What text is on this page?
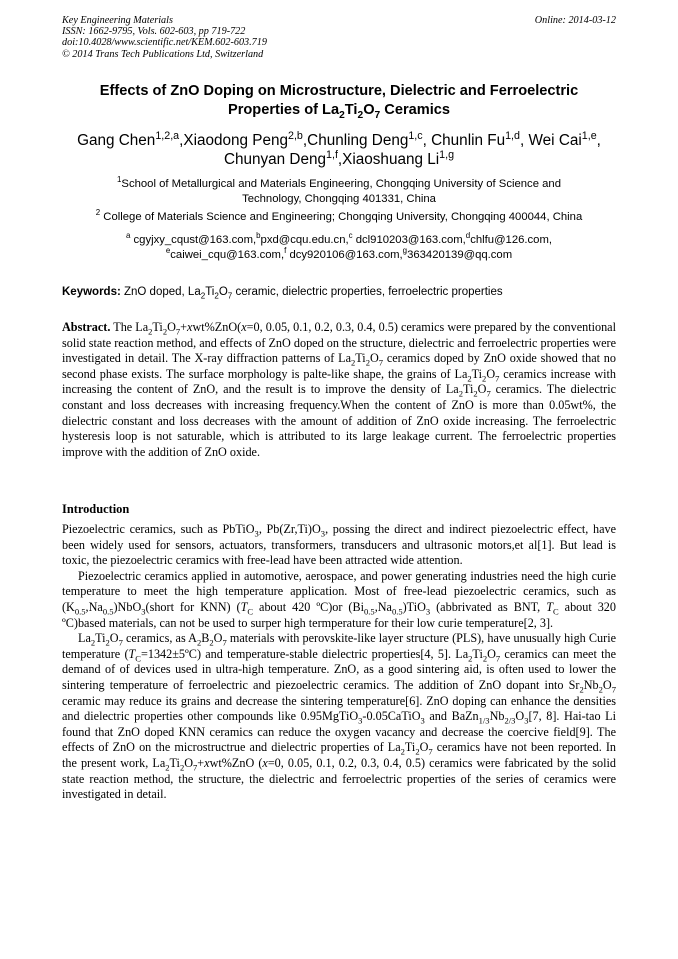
Key Engineering Materials
ISSN: 1662-9795, Vols. 602-603, pp 719-722
doi:10.4028/www.scientific.net/KEM.602-603.719
© 2014 Trans Tech Publications Ltd, Switzerland
Online: 2014-03-12
Effects of ZnO Doping on Microstructure, Dielectric and Ferroelectric
Properties of $La_2Ti_2O_7$ Ceramics
Gang Chen$^{1,2,a}$,Xiaodong Peng$^{2,b}$,Chunling Deng$^{1,c}$, Chunlin Fu$^{1,d}$, Wei Cai$^{1,e}$,
Chunyan Deng$^{1,f}$,Xiaoshuang Li$^{1,g}$
$^1$School of Metallurgical and Materials Engineering, Chongqing University of Science and
Technology, Chongqing 401331, China
$^2$ College of Materials Science and Engineering; Chongqing University, Chongqing 400044, China
$^a$ cgyjxy_cqust@163.com,$^b$pxd@cqu.edu.cn,$^c$ dcl910203@163.com,$^d$chlfu@126.com,
$^e$caiwei_cqu@163.com,$^f$ dcy920106@163.com,$^g$363420139@qq.com
Keywords: ZnO doped, $La_2Ti_2O_7$ ceramic, dielectric properties, ferroelectric properties

Abstract. The $La_2Ti_2O_7+xwt\%ZnO(x=0$, 0.05, 0.1, 0.2, 0.3, 0.4, 0.5) ceramics were prepared by the conventional solid state reaction method, and effects of ZnO doped on the structure, dielectric and ferroelectric properties were investigated in detail. The X-ray diffraction patterns of $La_2Ti_2O_7$ ceramics doped by ZnO oxide showed that no second phase exists. The surface morphology is palte-like shape, the grains of $La_2Ti_2O_7$ ceramics increase with increasing the content of ZnO, and the result is to improve the density of $La_2Ti_2O_7$ ceramics. The dielectric constant and loss decreases with increasing frequency.When the content of ZnO is more than 0.05wt%, the dielectric constant and loss decreases with the amount of addition of ZnO oxide increasing. The ferroelectric hysteresis loop is not saturable, which is attributed to its large leakage current. The ferroelectric properties improve with the addition of ZnO oxide.

Introduction

Piezoelectric ceramics, such as PbTiO$_3$, $Pb(Zr,Ti)O_3$, possing the direct and indirect piezoelectric effect, have been widely used for sensors, actuators, transformers, transducers and ultrasonic motors,et al[1]. But lead is toxic, the piezoelectric ceramics with free-lead have been attracted wide attention.

Piezoelectric ceramics applied in automotive, aerospace, and power generating industries need the high curie temperature to meet the high temperature application. Most of free-lead piezoelectric ceramics, such as $(K_{0.5},Na_{0.5})NbO_3(short$ for KNN) ($T_C$ about 420 ºC)or $(Bi_{0.5},Na_{0.5})TiO_3$ (abbrivated as BNT, $T_C$ about 320 ºC)based materials, can not be used to surper high termperature for their low curie temperature[2, 3].

$La_2Ti_2O_7$ ceramics, as $A_2B_2O_7$ materials with perovskite-like layer structure (PLS), have unusually high Curie temperature $(T_C=1342\pm 5ºC)$ and temperature-stable dielectric properties[4, 5]. $La_2Ti_2O_7$ ceramics can meet the demand of of devices used in ultra-high temperature. ZnO, as a good sintering aid, is often used to lower the sintering temperature of ferroelectric and piezoelectric ceramics. The addition of ZnO dopant into $Sr_2Nb_2O_7$ ceramic may reduce its grains and decrease the sintering temperature[6]. ZnO doping can enhance the densities and dielectric properties other compounds like 0.95MgTiO$_3$-0.05CaTiO$_3$ and $BaZn_{1/3}Nb_{2/3}O_3[7$, 8]. Hai-tao Li found that ZnO doped KNN ceramics can reduce the oxygen vacancy and decrease the coercive field[9]. The effects of ZnO on the microstructrue and dielectric properties of $La_2Ti_2O_7$ ceramics have not been reported. In the present work, $La_2Ti_2O_7+xwt\%ZnO$ (x=0, 0.05, 0.1, 0.2, 0.3, 0.4, 0.5) ceramics were fabricated by the solid state reaction method, the structure, the dielectric and ferroelectric properties of the series of ceramics were investigated in detail.
